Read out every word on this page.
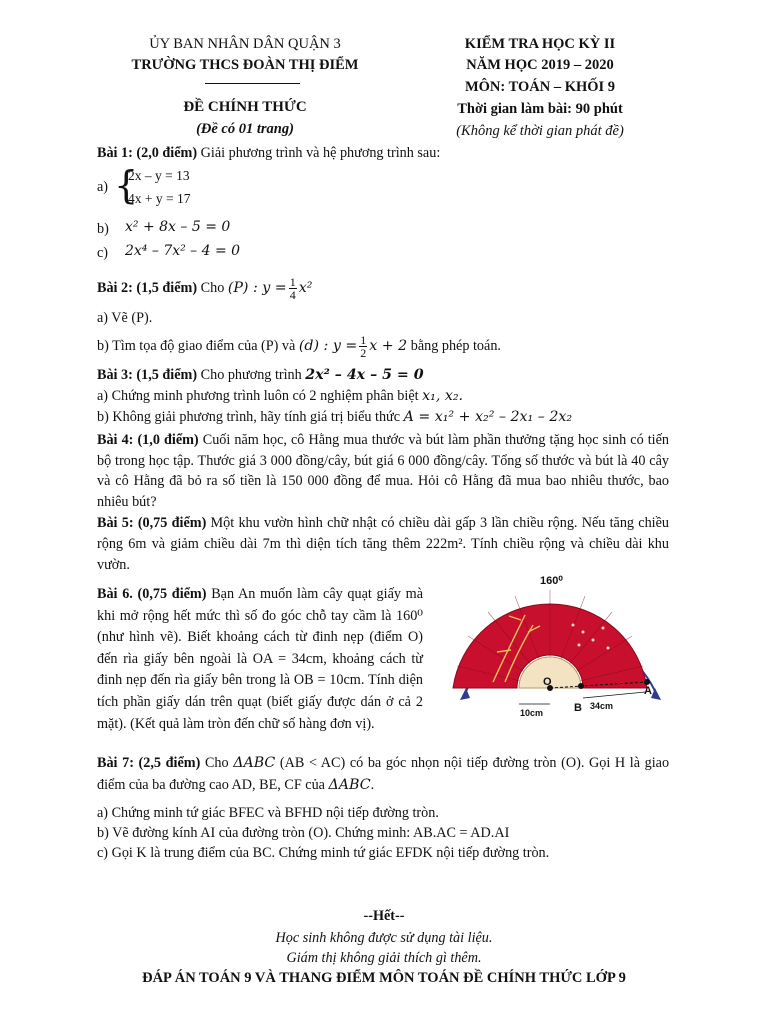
ỦY BAN NHÂN DÂN QUẬN 3
TRƯỜNG THCS ĐOÀN THỊ ĐIỂM
ĐỀ CHÍNH THỨC
(Đề có 01 trang)
KIỂM TRA HỌC KỲ II
NĂM HỌC 2019 – 2020
MÔN: TOÁN – KHỐI 9
Thời gian làm bài: 90 phút
(Không kể thời gian phát đề)
Bài 1: (2,0 điểm) Giải phương trình và hệ phương trình sau:
a) {
2x – y = 13
4x + y = 17
b) x² + 8x – 5 = 0
c) 2x⁴ – 7x² – 4 = 0
Bài 2: (1,5 điểm) Cho (P) : $y = \frac{1}{4} x^2$
a) Vẽ (P).
b) Tìm tọa độ giao điểm của (P) và (d) : $y = \frac{1}{2}$ x + 2 bằng phép toán.
Bài 3: (1,5 điểm) Cho phương trình 2x² – 4x – 5 = 0
a) Chứng minh phương trình luôn có 2 nghiệm phân biệt x₁, x₂.
b) Không giải phương trình, hãy tính giá trị biểu thức A = x₁² + x₂² – 2x₁ – 2x₂
Bài 4: (1,0 điểm) Cuối năm học, cô Hằng mua thước và bút làm phần thưởng tặng học sinh có tiến bộ trong học tập. Thước giá 3 000 đồng/cây, bút giá 6 000 đồng/cây. Tổng số thước và bút là 40 cây và cô Hằng đã bỏ ra số tiền là 150 000 đồng để mua. Hỏi cô Hằng đã mua bao nhiêu thước, bao nhiêu bút?
Bài 5: (0,75 điểm) Một khu vườn hình chữ nhật có chiều dài gấp 3 lần chiều rộng. Nếu tăng chiều rộng 6m và giảm chiều dài 7m thì diện tích tăng thêm 222m². Tính chiều rộng và chiều dài khu vườn.
Bài 6. (0,75 điểm) Bạn An muốn làm cây quạt giấy mà khi mở rộng hết mức thì số đo góc chỗ tay cầm là 160⁰ (như hình vẽ). Biết khoảng cách từ đinh nẹp (điểm O) đến rìa giấy bên ngoài là OA = 34cm, khoảng cách từ đinh nẹp đến rìa giấy bên trong là OB = 10cm. Tính diện tích phần giấy dán trên quạt (biết giấy được dán ở cả 2 mặt). (Kết quả làm tròn đến chữ số hàng đơn vị).
160⁰
O
A
B
10cm
34cm
Bài 7: (2,5 điểm) Cho ΔABC (AB < AC) có ba góc nhọn nội tiếp đường tròn (O). Gọi H là giao điểm của ba đường cao AD, BE, CF của ΔABC.
a) Chứng minh tứ giác BFEC và BFHD nội tiếp đường tròn.
b) Vẽ đường kính AI của đường tròn (O). Chứng minh: AB.AC = AD.AI
c) Gọi K là trung điểm của BC. Chứng minh tứ giác EFDK nội tiếp đường tròn.
--Hết--
Học sinh không được sử dụng tài liệu.
Giám thị không giải thích gì thêm.
ĐÁP ÁN TOÁN 9 VÀ THANG ĐIỂM MÔN TOÁN ĐỀ CHÍNH THỨC LỚP 9
